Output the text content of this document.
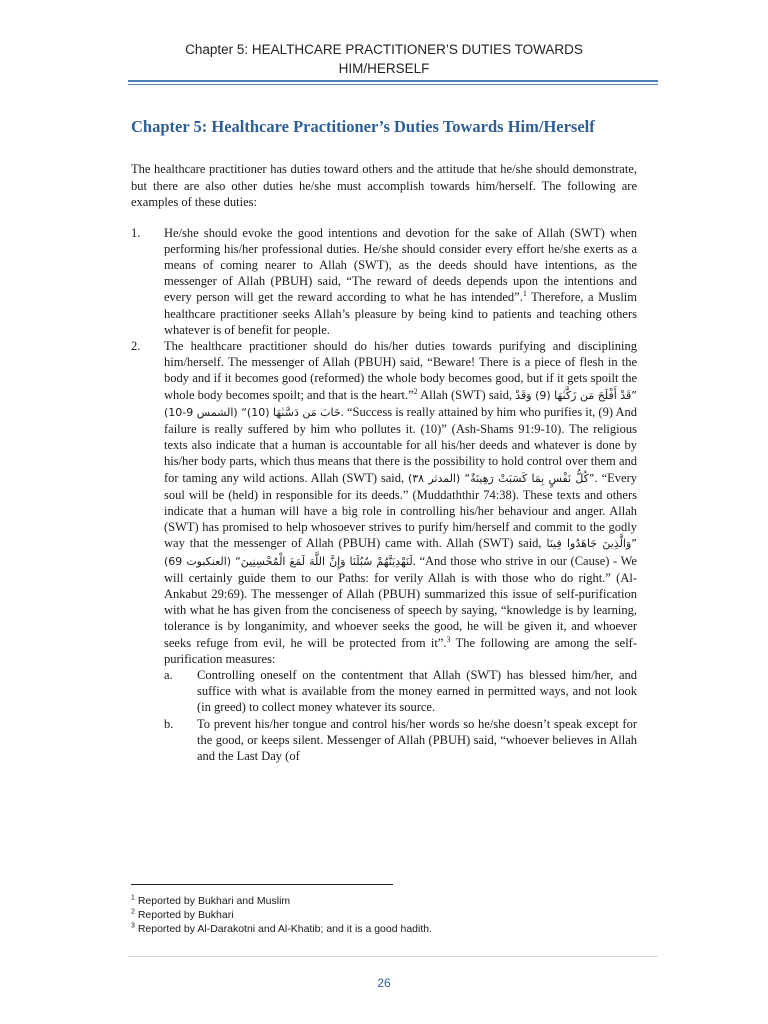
Chapter 5: HEALTHCARE PRACTITIONER’S DUTIES TOWARDS
HIM/HERSELF
Chapter 5: Healthcare Practitioner’s Duties Towards Him/Herself

The healthcare practitioner has duties toward others and the attitude that he/she should demonstrate, but there are also other duties he/she must accomplish towards him/herself. The following are examples of these duties:

1. He/she should evoke the good intentions and devotion for the sake of Allah (SWT) when performing his/her professional duties. He/she should consider every effort he/she exerts as a means of coming nearer to Allah (SWT), as the deeds should have intentions, as the messenger of Allah (PBUH) said, “The reward of deeds depends upon the intentions and every person will get the reward according to what he has intended”.$^1$ Therefore, a Muslim healthcare practitioner seeks Allah’s pleasure by being kind to patients and teaching others whatever is of benefit for people.
2. The healthcare practitioner should do his/her duties towards purifying and disciplining him/herself. The messenger of Allah (PBUH) said, “Beware! There is a piece of flesh in the body and if it becomes good (reformed) the whole body becomes good, but if it gets spoilt the whole body becomes spoilt; and that is the heart.”$^2$ Allah (SWT) said, ”قَدْ أَفْلَحَ مَن زَكَّىٰهَا (9) وَقَدْ خَابَ مَن دَسَّىٰهَا (10)“ (الشمس 9-10). “Success is really attained by him who purifies it, (9) And failure is really suffered by him who pollutes it. (10)” (Ash-Shams 91:9-10). The religious texts also indicate that a human is accountable for all his/her deeds and whatever is done by his/her body parts, which thus means that there is the possibility to hold control over them and for taming any wild actions. Allah (SWT) said, ”كُلُّ نَفْسٍ بِمَا كَسَبَتْ رَهِينَةٌ“ (المدثر ٣٨). “Every soul will be (held) in responsible for its deeds.” (Muddaththir 74:38). These texts and others indicate that a human will have a big role in controlling his/her behaviour and anger. Allah (SWT) has promised to help whosoever strives to purify him/herself and commit to the godly way that the messenger of Allah (PBUH) came with. Allah (SWT) said, ”وَالَّذِينَ جَاهَدُوا فِينَا لَنَهْدِيَنَّهُمْ سُبُلَنَا وَإِنَّ اللَّهَ لَمَعَ الْمُحْسِنِينَ“ (العنكبوت 69). “And those who strive in our (Cause) - We will certainly guide them to our Paths: for verily Allah is with those who do right.” (Al-Ankabut 29:69). The messenger of Allah (PBUH) summarized this issue of self-purification with what he has given from the conciseness of speech by saying, “knowledge is by learning, tolerance is by longanimity, and whoever seeks the good, he will be given it, and whoever seeks refuge from evil, he will be protected from it”.$^3$ The following are among the self-purification measures:
a. Controlling oneself on the contentment that Allah (SWT) has blessed him/her, and suffice with what is available from the money earned in permitted ways, and not look (in greed) to collect money whatever its source.
b. To prevent his/her tongue and control his/her words so he/she doesn’t speak except for the good, or keeps silent. Messenger of Allah (PBUH) said, “whoever believes in Allah and the Last Day (of
$^1$ Reported by Bukhari and Muslim
$^2$ Reported by Bukhari
$^3$ Reported by Al-Darakotni and Al-Khatib; and it is a good hadith.
26
